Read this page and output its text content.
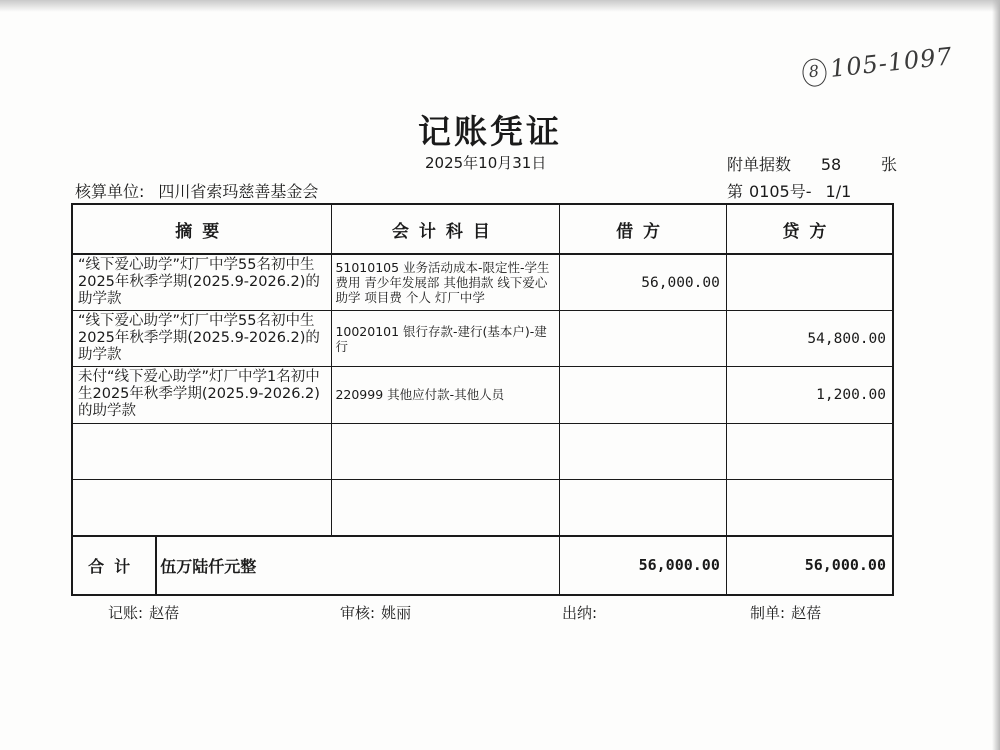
8 105-1097
记账凭证
2025年10月31日
核算单位: 四川省索玛慈善基金会
附单据数 58 张
第 0105号- 1/1
摘要		会计科目	借方	贷方
“线下爱心助学”灯厂中学55名初中生2025年秋季学期(2025.9-2026.2)的助学款		51010105 业务活动成本-限定性-学生费用 青少年发展部 其他捐款 线下爱心助学 项目费 个人 灯厂中学	56,000.00	
“线下爱心助学”灯厂中学55名初中生2025年秋季学期(2025.9-2026.2)的助学款		10020101 银行存款-建行(基本户)-建行		54,800.00
未付“线下爱心助学”灯厂中学1名初中生2025年秋季学期(2025.9-2026.2)的助学款		220999 其他应付款-其他人员		1,200.00

合计	伍万陆仟元整		56,000.00	56,000.00
记账: 赵蓓	审核: 姚丽	出纳:	制单: 赵蓓
